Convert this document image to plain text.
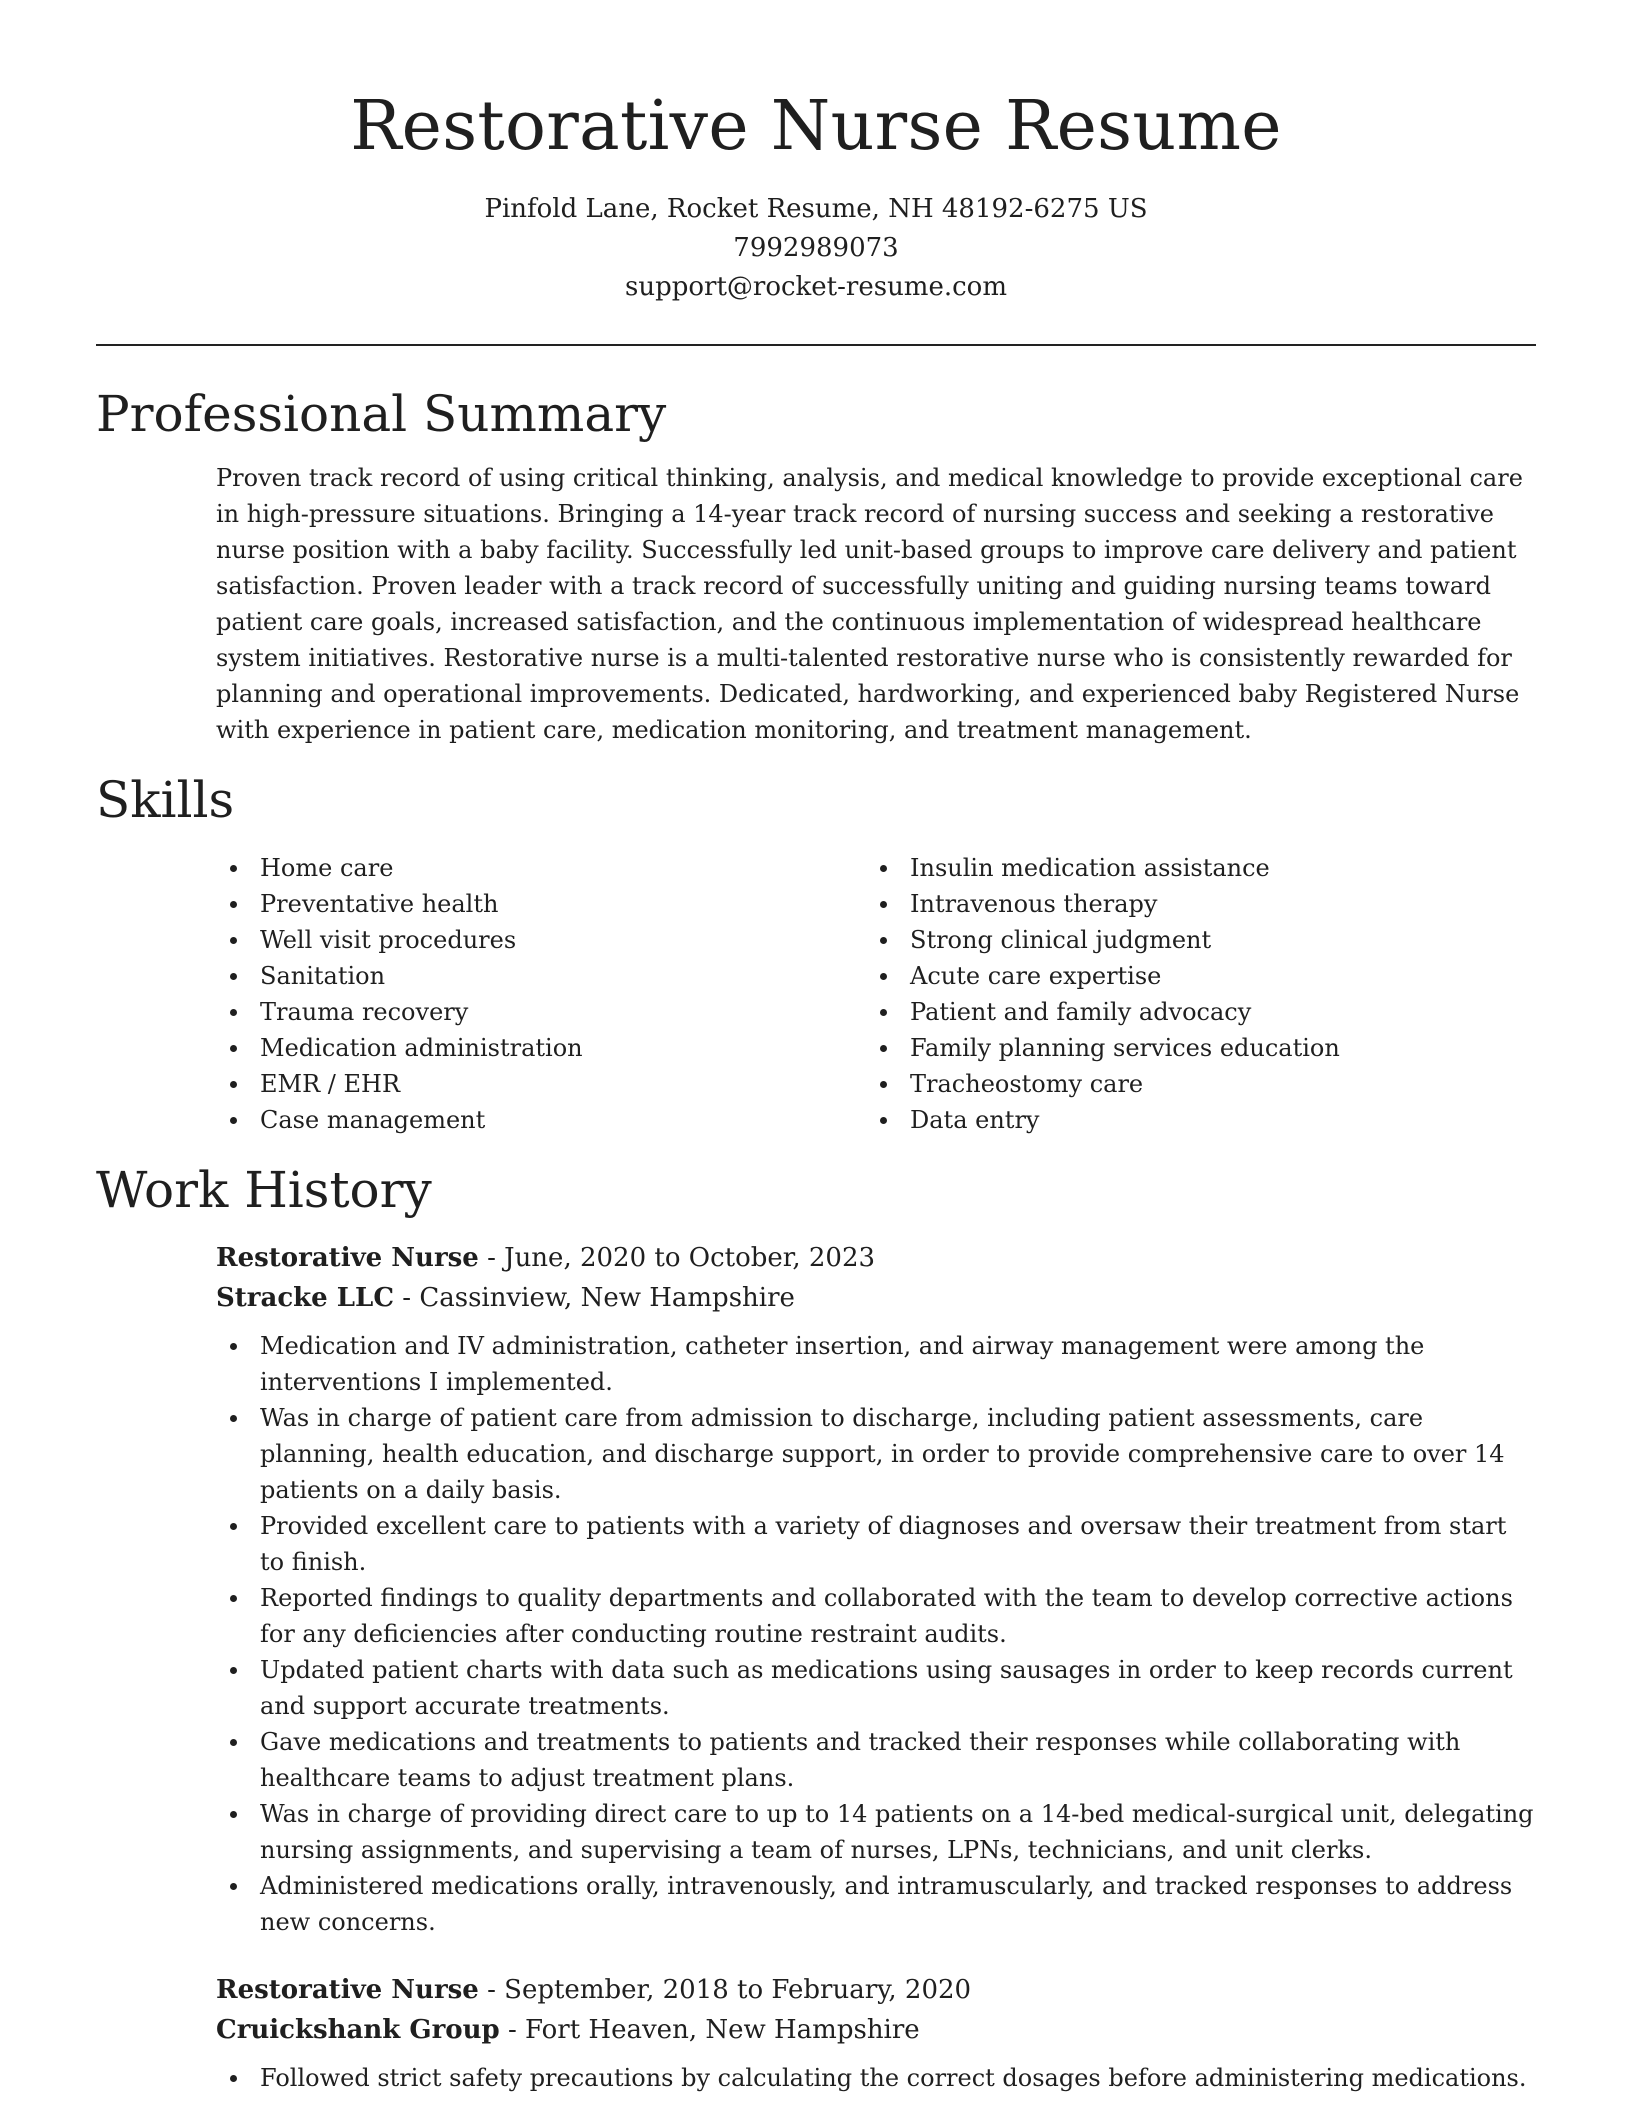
Restorative Nurse Resume
Pinfold Lane, Rocket Resume, NH 48192-6275 US
7992989073
support@rocket-resume.com
Professional Summary
Proven track record of using critical thinking, analysis, and medical knowledge to provide exceptional care in high-pressure situations. Bringing a 14-year track record of nursing success and seeking a restorative nurse position with a baby facility. Successfully led unit-based groups to improve care delivery and patient satisfaction. Proven leader with a track record of successfully uniting and guiding nursing teams toward patient care goals, increased satisfaction, and the continuous implementation of widespread healthcare system initiatives. Restorative nurse is a multi-talented restorative nurse who is consistently rewarded for planning and operational improvements. Dedicated, hardworking, and experienced baby Registered Nurse with experience in patient care, medication monitoring, and treatment management.
Skills
Home care
Preventative health
Well visit procedures
Sanitation
Trauma recovery
Medication administration
EMR / EHR
Case management
Insulin medication assistance
Intravenous therapy
Strong clinical judgment
Acute care expertise
Patient and family advocacy
Family planning services education
Tracheostomy care
Data entry
Work History
Restorative Nurse - June, 2020 to October, 2023
Stracke LLC - Cassinview, New Hampshire
Medication and IV administration, catheter insertion, and airway management were among the interventions I implemented.
Was in charge of patient care from admission to discharge, including patient assessments, care planning, health education, and discharge support, in order to provide comprehensive care to over 14 patients on a daily basis.
Provided excellent care to patients with a variety of diagnoses and oversaw their treatment from start to finish.
Reported findings to quality departments and collaborated with the team to develop corrective actions for any deficiencies after conducting routine restraint audits.
Updated patient charts with data such as medications using sausages in order to keep records current and support accurate treatments.
Gave medications and treatments to patients and tracked their responses while collaborating with healthcare teams to adjust treatment plans.
Was in charge of providing direct care to up to 14 patients on a 14-bed medical-surgical unit, delegating nursing assignments, and supervising a team of nurses, LPNs, technicians, and unit clerks.
Administered medications orally, intravenously, and intramuscularly, and tracked responses to address new concerns.
Restorative Nurse - September, 2018 to February, 2020
Cruickshank Group - Fort Heaven, New Hampshire
Followed strict safety precautions by calculating the correct dosages before administering medications.
